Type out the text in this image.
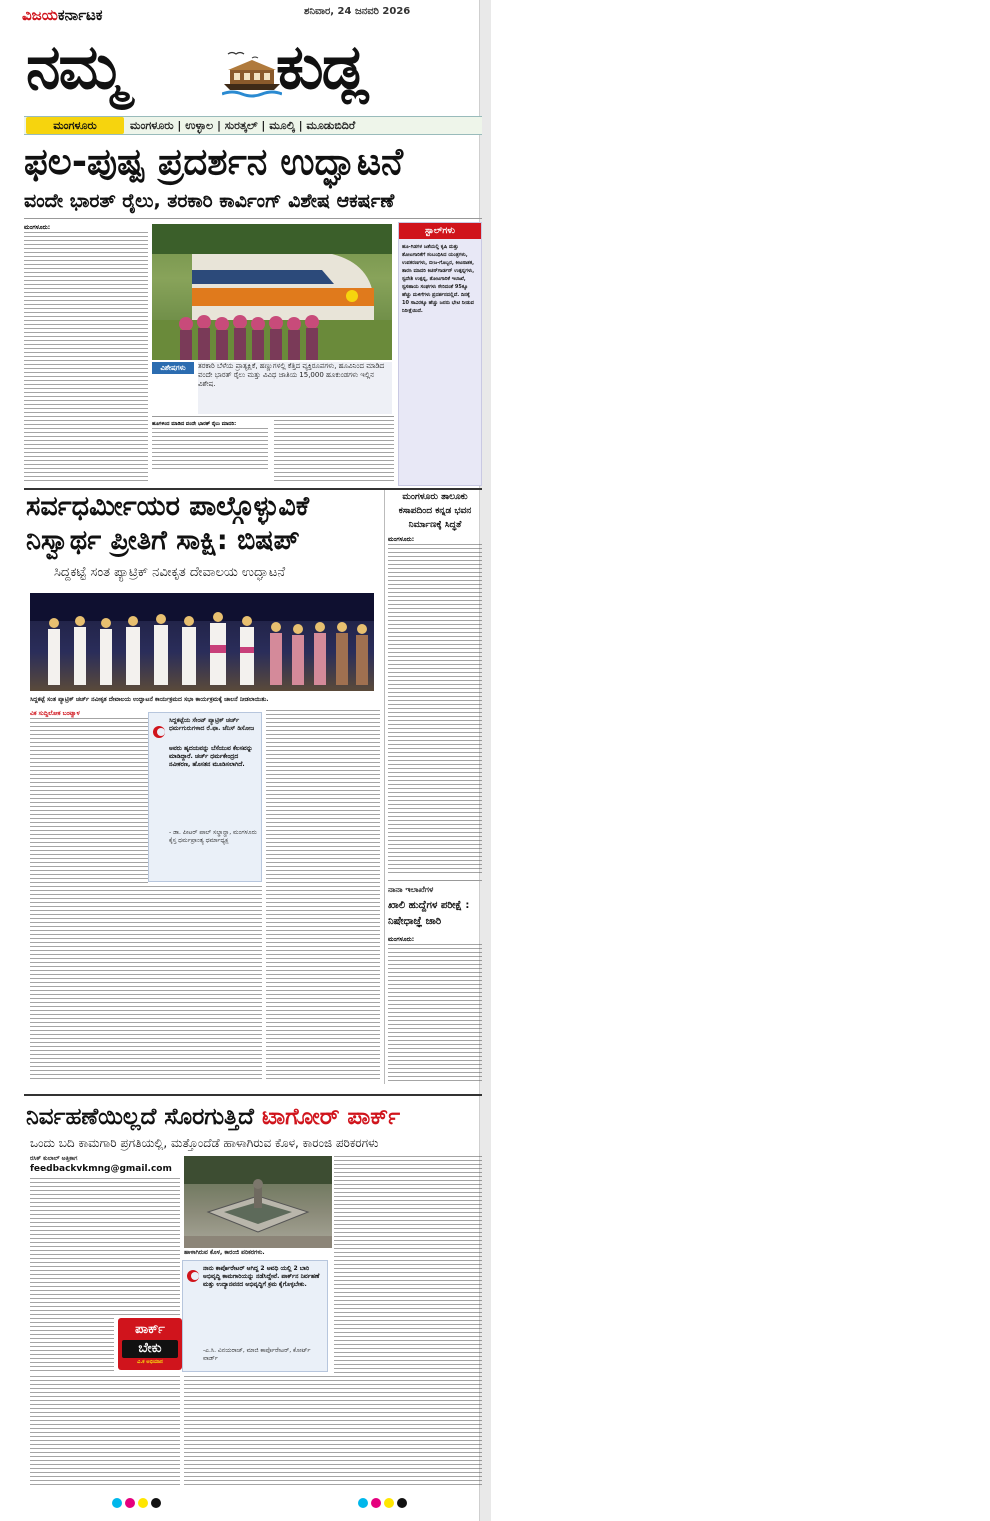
ವಿಜಯಕರ್ನಾಟಕ	ಶನಿವಾರ, 24 ಜನವರಿ 2026
ನಮ್ಮ ಕುಡ್ಲ
ಮಂಗಳೂರು	ಮಂಗಳೂರು | ಉಳ್ಳಾಲ | ಸುರತ್ಕಲ್ | ಮೂಲ್ಕಿ | ಮೂಡುಬಿದಿರೆ
ಫಲ-ಪುಷ್ಪ ಪ್ರದರ್ಶನ ಉದ್ಘಾಟನೆ
ವಂದೇ ಭಾರತ್ ರೈಲು, ತರಕಾರಿ ಕಾರ್ವಿಂಗ್ ವಿಶೇಷ ಆಕರ್ಷಣೆ
ಮಂಗಳೂರು:
ವಿಶೇಷಗಳು	ತರಕಾರಿ ಬೆಳೆಯ ಪ್ರಾತ್ಯಕ್ಷಿಕೆ, ಹಣ್ಣುಗಳಲ್ಲಿ ಕೆತ್ತಿದ ವ್ಯಕ್ತಿರೂಪಗಳು, ಹೂವಿನಿಂದ ಮಾಡಿದ ವಂದೇ ಭಾರತ್ ರೈಲು ಮತ್ತು ವಿವಿಧ ಜಾತಿಯ 15,000 ಹೂಕುಂಡಗಳು ಇಲ್ಲಿನ ವಿಶೇಷ.
ಹೂಗಳಿಂದ ಮಾಡಿದ ವಂದೇ ಭಾರತ್ ರೈಲು ಮಾದರಿ:
ಸ್ಟಾಲ್‌ಗಳು
ಹೂ-ಗಿಡಗಳ ಜತೆಯಲ್ಲಿ ಕೃಷಿ ಮತ್ತು ತೋಟಗಾರಿಕೆಗೆ ಸಂಬಂಧಿಸಿದ ಯಂತ್ರಗಳು, ಉಪಕರಣಗಳು, ಬೀಜ-ಗೊಬ್ಬರ, ಕೀಟನಾಶಕ, ತಾರಸಿ ಮಾದರಿ ಕಿಚನ್‌ಗಾರ್ಡನ್ ಉತ್ಪನ್ನಗಳು, ಸ್ವದೇಶಿ ಉತ್ಪನ್ನ, ತೋಟಗಾರಿಕೆ ಇಲಾಖೆ, ಸ್ವಸಹಾಯ ಸಂಘಗಳು ಸೇರಿದಂತೆ 95ಕ್ಕೂ ಹೆಚ್ಚು ಮಳಿಗೆಗಳು ಪ್ರದರ್ಶನದಲ್ಲಿವೆ. ದಿನಕ್ಕೆ 10 ಸಾವಿರಕ್ಕೂ ಹೆಚ್ಚು ಜನರು ಭೇಟಿ ನೀಡುವ ನಿರೀಕ್ಷೆಯಿದೆ.
ಸರ್ವಧರ್ಮೀಯರ ಪಾಲ್ಗೊಳ್ಳುವಿಕೆ
ನಿಸ್ವಾರ್ಥ ಪ್ರೀತಿಗೆ ಸಾಕ್ಷಿ: ಬಿಷಪ್
ಸಿದ್ದಕಟ್ಟೆ ಸಂತ ಪ್ಯಾಟ್ರಿಕ್ ನವೀಕೃತ ದೇವಾಲಯ ಉದ್ಘಾಟನೆ
ಸಿದ್ದಕಟ್ಟೆ ಸಂತ ಪ್ಯಾಟ್ರಿಕ್ ಚರ್ಚ್ ನವೀಕೃತ ದೇವಾಲಯ ಉದ್ಘಾಟನೆ ಕಾರ್ಯಕ್ರಮದ ಸಭಾ ಕಾರ್ಯಕ್ರಮಕ್ಕೆ ಚಾಲನೆ ನೀಡಲಾಯಿತು.
ವಿಕ ಸುದ್ದಿಲೋಕ ಬಂಟ್ವಾಳ
ಸಿದ್ದಕಟ್ಟೆಯ ಸೇಂಟ್ ಪ್ಯಾಟ್ರಿಕ್ ಚರ್ಚ್ ಧರ್ಮಗುರುಗಳಾದ ರೆ.ಫಾ. ಜೆನಿಸ್ ಡಿಸೋಜ
ಅವರು ಹೃದಯವನ್ನು ಬೆಸೆಯುವ ಕೆಲಸವನ್ನು ಮಾಡಿದ್ದಾರೆ. ಚರ್ಚ್ ಧರ್ಮಕೇಂದ್ರದ ನವೀಕರಣ, ಹೊಸತನ ಮೂಡಿಸಲಾಗಿದೆ.
- ಡಾ. ಪೀಟರ್ ಪಾಲ್ ಸಲ್ಡಾನ್ಹಾ, ಮಂಗಳೂರು ಕೈಸ್ತ ಧರ್ಮಪ್ರಾಂತ್ಯ ಧರ್ಮಾಧ್ಯಕ್ಷ
ಮಂಗಳೂರು ತಾಲೂಕು
ಕಸಾಪದಿಂದ ಕನ್ನಡ ಭವನ
ನಿರ್ಮಾಣಕ್ಕೆ ಸಿದ್ಧತೆ
ಮಂಗಳೂರು:
ನಾನಾ ಇಲಾಖೆಗಳ
ಖಾಲಿ ಹುದ್ದೆಗಳ ಪರೀಕ್ಷೆ :
ನಿಷೇಧಾಜ್ಞೆ ಜಾರಿ
ಮಂಗಳೂರು:
ನಿರ್ವಹಣೆಯಿಲ್ಲದೆ ಸೊರಗುತ್ತಿದೆ ಟಾಗೋರ್ ಪಾರ್ಕ್
ಒಂದು ಬದಿ ಕಾಮಗಾರಿ ಪ್ರಗತಿಯಲ್ಲಿ, ಮತ್ತೊಂದೆಡೆ ಹಾಳಾಗಿರುವ ಕೊಳ, ಕಾರಂಜಿ ಪರಿಕರಗಳು
ರಸಿಕ್ ಕುಲಾಲ್ ಅತ್ತಿಕಾಗ
feedbackvkmng@gmail.com
ಪಾರ್ಕ್
ಬೇಕು
ವಿ.ಕ ಅಭಿಯಾನ
ಹಾಳಾಗಿರುವ ಕೊಳ, ಕಾರಂಜಿ ಪರಿಕರಗಳು.
ನಾನು ಕಾರ್ಪೊರೇಟರ್ ಆಗಿದ್ದ 2 ಅವಧಿ ಯಲ್ಲಿ 2 ಬಾರಿ ಅಭಿವೃದ್ಧಿ ಕಾಮಗಾರಿಯನ್ನು ನಡೆಸಿದ್ದೇವೆ. ಪಾರ್ಕ್‌ನ ನಿರ್ವಹಣೆ ಮತ್ತು ಉದ್ಯಾನವನದ ಅಭಿವೃದ್ಧಿಗೆ ಕ್ರಮ ಕೈಗೊಳ್ಳಬೇಕು.
-ಎ.ಸಿ. ವಿನಯರಾಜ್, ಮಾಜಿ ಕಾರ್ಪೊರೇಟರ್, ಕೋರ್ಟ್ ವಾರ್ಡ್
